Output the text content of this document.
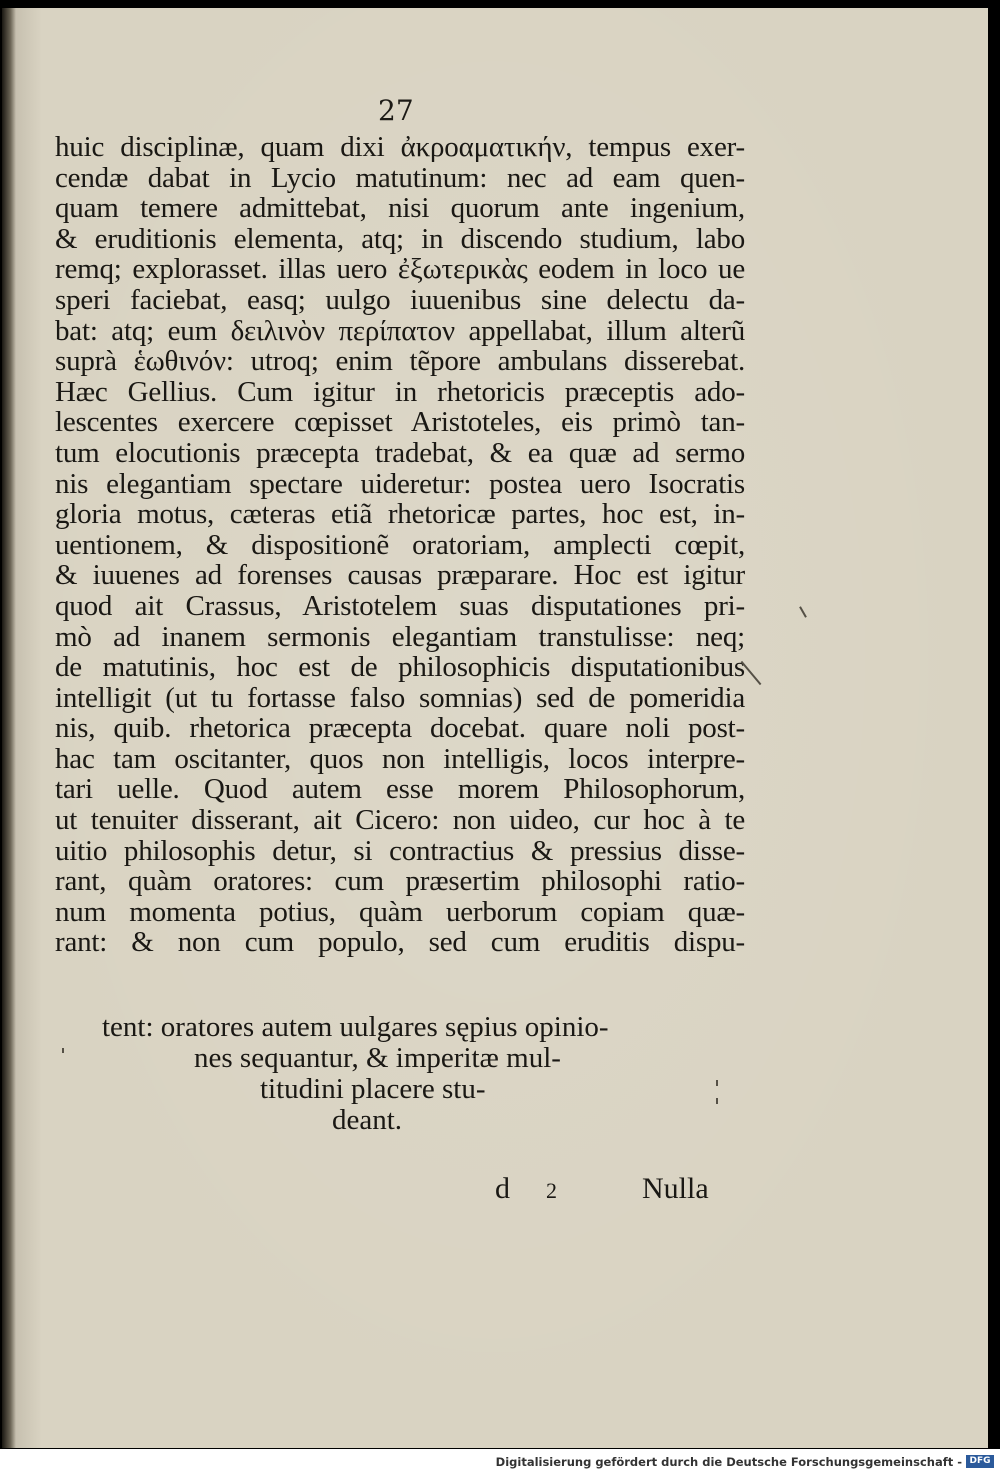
27
huic disciplinæ, quam dixi ἀκροαματικήν, tempus exer-
cendæ dabat in Lycio matutinum: nec ad eam quen-
quam temere admittebat, nisi quorum ante ingenium,
& eruditionis elementa, atq; in discendo studium, labo
remq; explorasset. illas uero ἐξωτερικὰς eodem in loco ue
speri faciebat, easq; uulgo iuuenibus sine delectu da-
bat: atq; eum δειλινὸν περίπατον appellabat, illum alterũ
suprà ἑωθινόν: utroq; enim tẽpore ambulans disserebat.
Hæc Gellius. Cum igitur in rhetoricis præceptis ado-
lescentes exercere cœpisset Aristoteles, eis primò tan-
tum elocutionis præcepta tradebat, & ea quæ ad sermo
nis elegantiam spectare uideretur: postea uero Isocratis
gloria motus, cæteras etiã rhetoricæ partes, hoc est, in-
uentionem, & dispositionẽ oratoriam, amplecti cœpit,
& iuuenes ad forenses causas præparare. Hoc est igitur
quod ait Crassus, Aristotelem suas disputationes pri-
mò ad inanem sermonis elegantiam transtulisse: neq;
de matutinis, hoc est de philosophicis disputationibus
intelligit (ut tu fortasse falso somnias) sed de pomeridia
nis, quib. rhetorica præcepta docebat. quare noli post-
hac tam oscitanter, quos non intelligis, locos interpre-
tari uelle. Quod autem esse morem Philosophorum,
ut tenuiter disserant, ait Cicero: non uideo, cur hoc à te
uitio philosophis detur, si contractius & pressius disse-
rant, quàm oratores: cum præsertim philosophi ratio-
num momenta potius, quàm uerborum copiam quæ-
rant: & non cum populo, sed cum eruditis dispu-
tent: oratores autem uulgares sępius opinio-
nes sequantur, & imperitæ mul-
titudini placere stu-
deant.
d 2	Nulla
Digitalisierung gefördert durch die Deutsche Forschungsgemeinschaft - DFG
